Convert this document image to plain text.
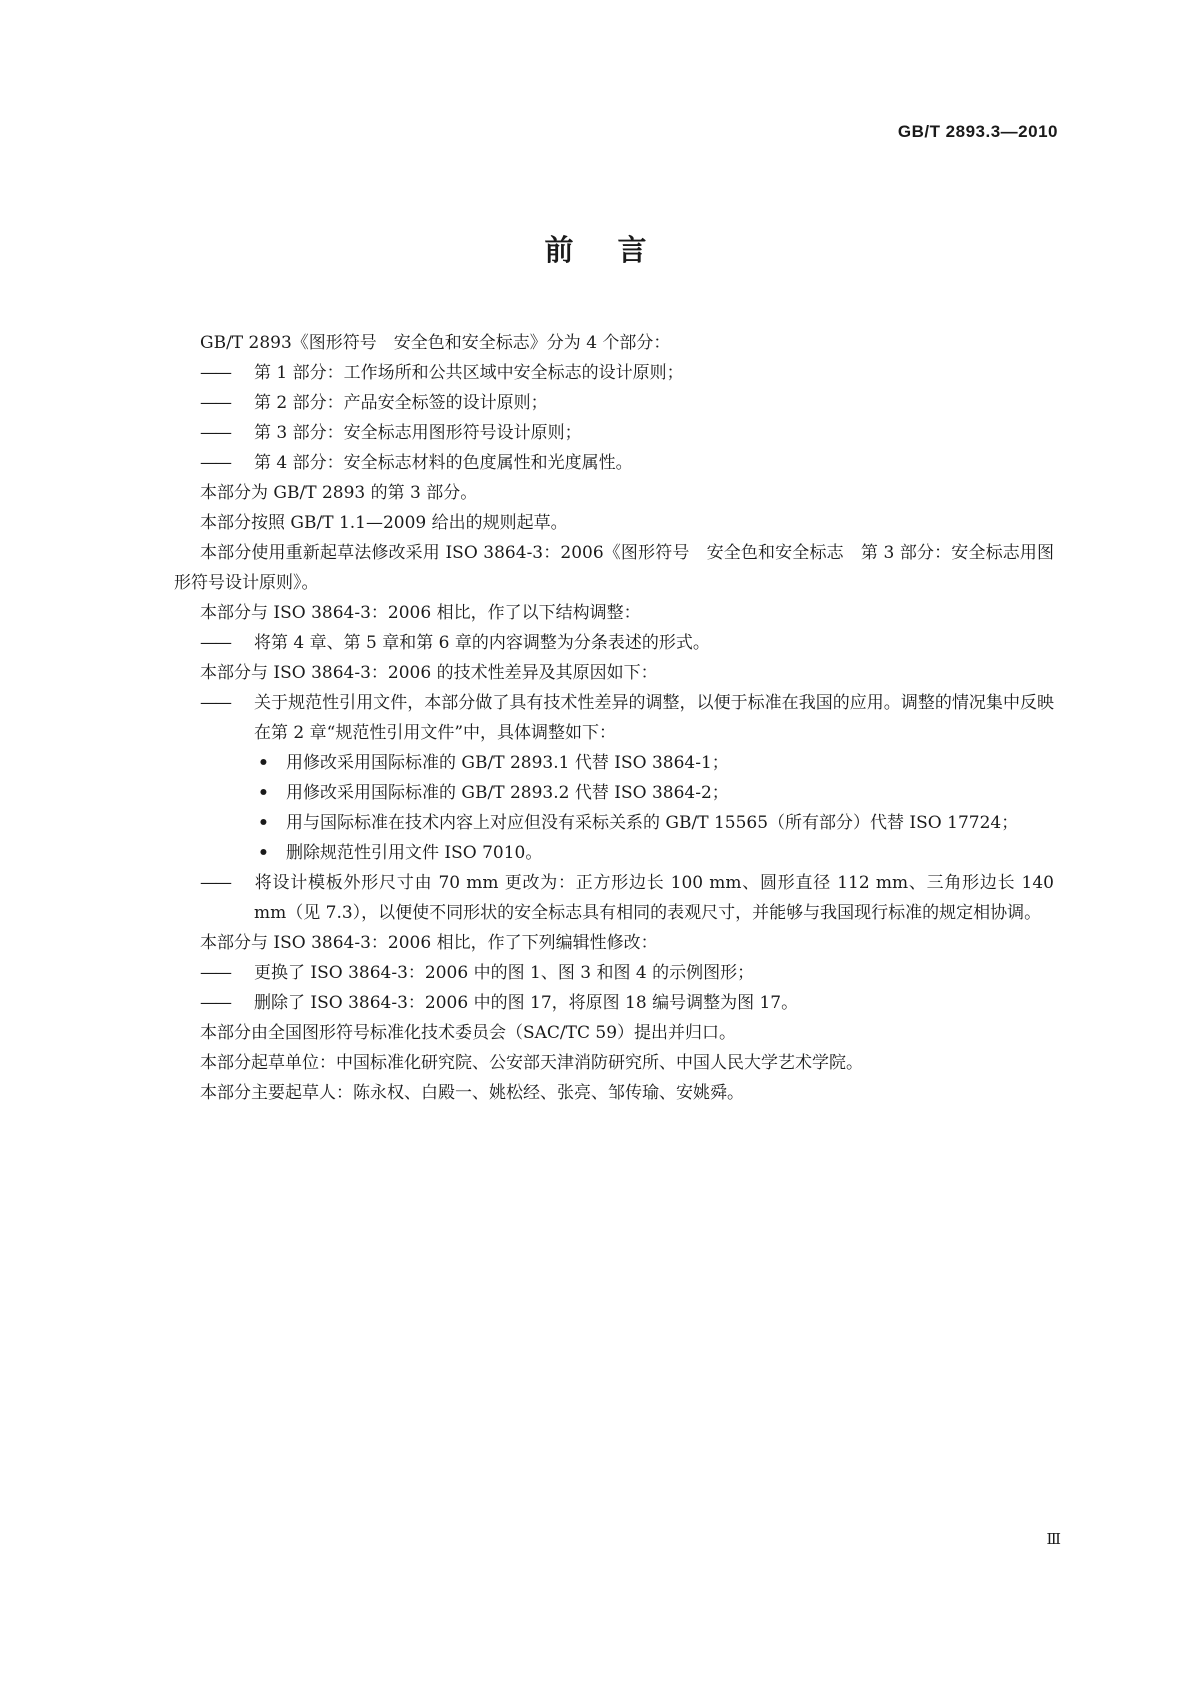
GB/T 2893.3—2010
前言
GB/T 2893《图形符号　安全色和安全标志》分为 4 个部分：
—— 第 1 部分：工作场所和公共区域中安全标志的设计原则；
—— 第 2 部分：产品安全标签的设计原则；
—— 第 3 部分：安全标志用图形符号设计原则；
—— 第 4 部分：安全标志材料的色度属性和光度属性。
本部分为 GB/T 2893 的第 3 部分。
本部分按照 GB/T 1.1—2009 给出的规则起草。
本部分使用重新起草法修改采用 ISO 3864-3：2006《图形符号　安全色和安全标志　第 3 部分：安全标志用图形符号设计原则》。
本部分与 ISO 3864-3：2006 相比，作了以下结构调整：
—— 将第 4 章、第 5 章和第 6 章的内容调整为分条表述的形式。
本部分与 ISO 3864-3：2006 的技术性差异及其原因如下：
—— 关于规范性引用文件，本部分做了具有技术性差异的调整，以便于标准在我国的应用。调整的情况集中反映在第 2 章“规范性引用文件”中，具体调整如下：
• 用修改采用国际标准的 GB/T 2893.1 代替 ISO 3864-1；
• 用修改采用国际标准的 GB/T 2893.2 代替 ISO 3864-2；
• 用与国际标准在技术内容上对应但没有采标关系的 GB/T 15565（所有部分）代替 ISO 17724；
• 删除规范性引用文件 ISO 7010。
—— 将设计模板外形尺寸由 70 mm 更改为：正方形边长 100 mm、圆形直径 112 mm、三角形边长 140 mm（见 7.3），以便使不同形状的安全标志具有相同的表观尺寸，并能够与我国现行标准的规定相协调。
本部分与 ISO 3864-3：2006 相比，作了下列编辑性修改：
—— 更换了 ISO 3864-3：2006 中的图 1、图 3 和图 4 的示例图形；
—— 删除了 ISO 3864-3：2006 中的图 17，将原图 18 编号调整为图 17。
本部分由全国图形符号标准化技术委员会（SAC/TC 59）提出并归口。
本部分起草单位：中国标准化研究院、公安部天津消防研究所、中国人民大学艺术学院。
本部分主要起草人：陈永权、白殿一、姚松经、张亮、邹传瑜、安姚舜。
Ⅲ
